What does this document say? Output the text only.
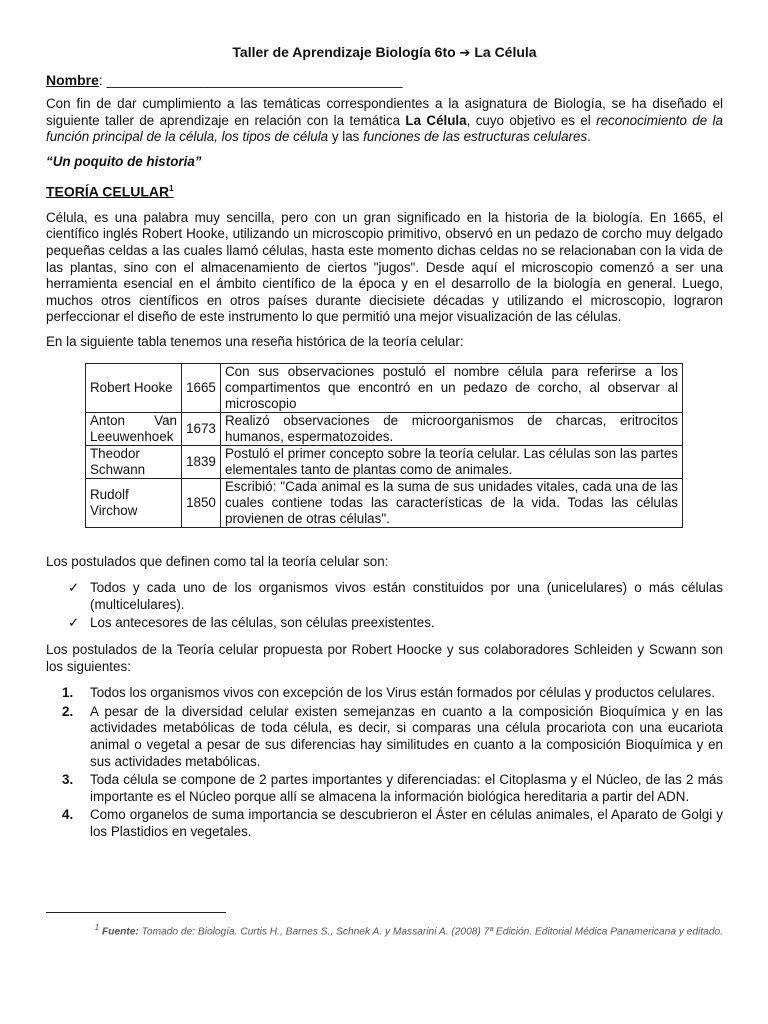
Taller de Aprendizaje Biología 6to ➔ La Célula
Nombre: ______________________________________

Con fin de dar cumplimiento a las temáticas correspondientes a la asignatura de Biología, se ha diseñado el siguiente taller de aprendizaje en relación con la temática La Célula, cuyo objetivo es el reconocimiento de la función principal de la célula, los tipos de célula y las funciones de las estructuras celulares.

“Un poquito de historia”
TEORÍA CELULAR$^1$

Célula, es una palabra muy sencilla, pero con un gran significado en la historia de la biología. En 1665, el científico inglés Robert Hooke, utilizando un microscopio primitivo, observó en un pedazo de corcho muy delgado pequeñas celdas a las cuales llamó células, hasta este momento dichas celdas no se relacionaban con la vida de las plantas, sino con el almacenamiento de ciertos "jugos". Desde aquí el microscopio comenzó a ser una herramienta esencial en el ámbito científico de la época y en el desarrollo de la biología en general. Luego, muchos otros científicos en otros países durante diecisiete décadas y utilizando el microscopio, lograron perfeccionar el diseño de este instrumento lo que permitió una mejor visualización de las células.

En la siguiente tabla tenemos una reseña histórica de la teoría celular:

Robert Hooke	1665	Con sus observaciones postuló el nombre célula para referirse a los compartimentos que encontró en un pedazo de corcho, al observar al microscopio
Anton Van Leeuwenhoek	1673	Realizó observaciones de microorganismos de charcas, eritrocitos humanos, espermatozoides.
Theodor Schwann	1839	Postuló el primer concepto sobre la teoría celular. Las células son las partes elementales tanto de plantas como de animales.
Rudolf Virchow	1850	Escribió: "Cada animal es la suma de sus unidades vitales, cada una de las cuales contiene todas las características de la vida. Todas las células provienen de otras células".

Los postulados que definen como tal la teoría celular son:

✓ Todos y cada uno de los organismos vivos están constituidos por una (unicelulares) o más células (multicelulares).
✓ Los antecesores de las células, son células preexistentes.

Los postulados de la Teoría celular propuesta por Robert Hoocke y sus colaboradores Schleiden y Scwann son los siguientes:

1. Todos los organismos vivos con excepción de los Virus están formados por células y productos celulares.
2. A pesar de la diversidad celular existen semejanzas en cuanto a la composición Bioquímica y en las actividades metabólicas de toda célula, es decir, si comparas una célula procariota con una eucariota animal o vegetal a pesar de sus diferencias hay similitudes en cuanto a la composición Bioquímica y en sus actividades metabólicas.
3. Toda célula se compone de 2 partes importantes y diferenciadas: el Citoplasma y el Núcleo, de las 2 más importante es el Núcleo porque allí se almacena la información biológica hereditaria a partir del ADN.
4. Como organelos de suma importancia se descubrieron el Áster en células animales, el Aparato de Golgi y los Plastidios en vegetales.
$^1$ Fuente: Tomado de: Biología. Curtis H., Barnes S., Schnek A. y Massarini A. (2008) 7ª Edición. Editorial Médica Panamericana y editado.
